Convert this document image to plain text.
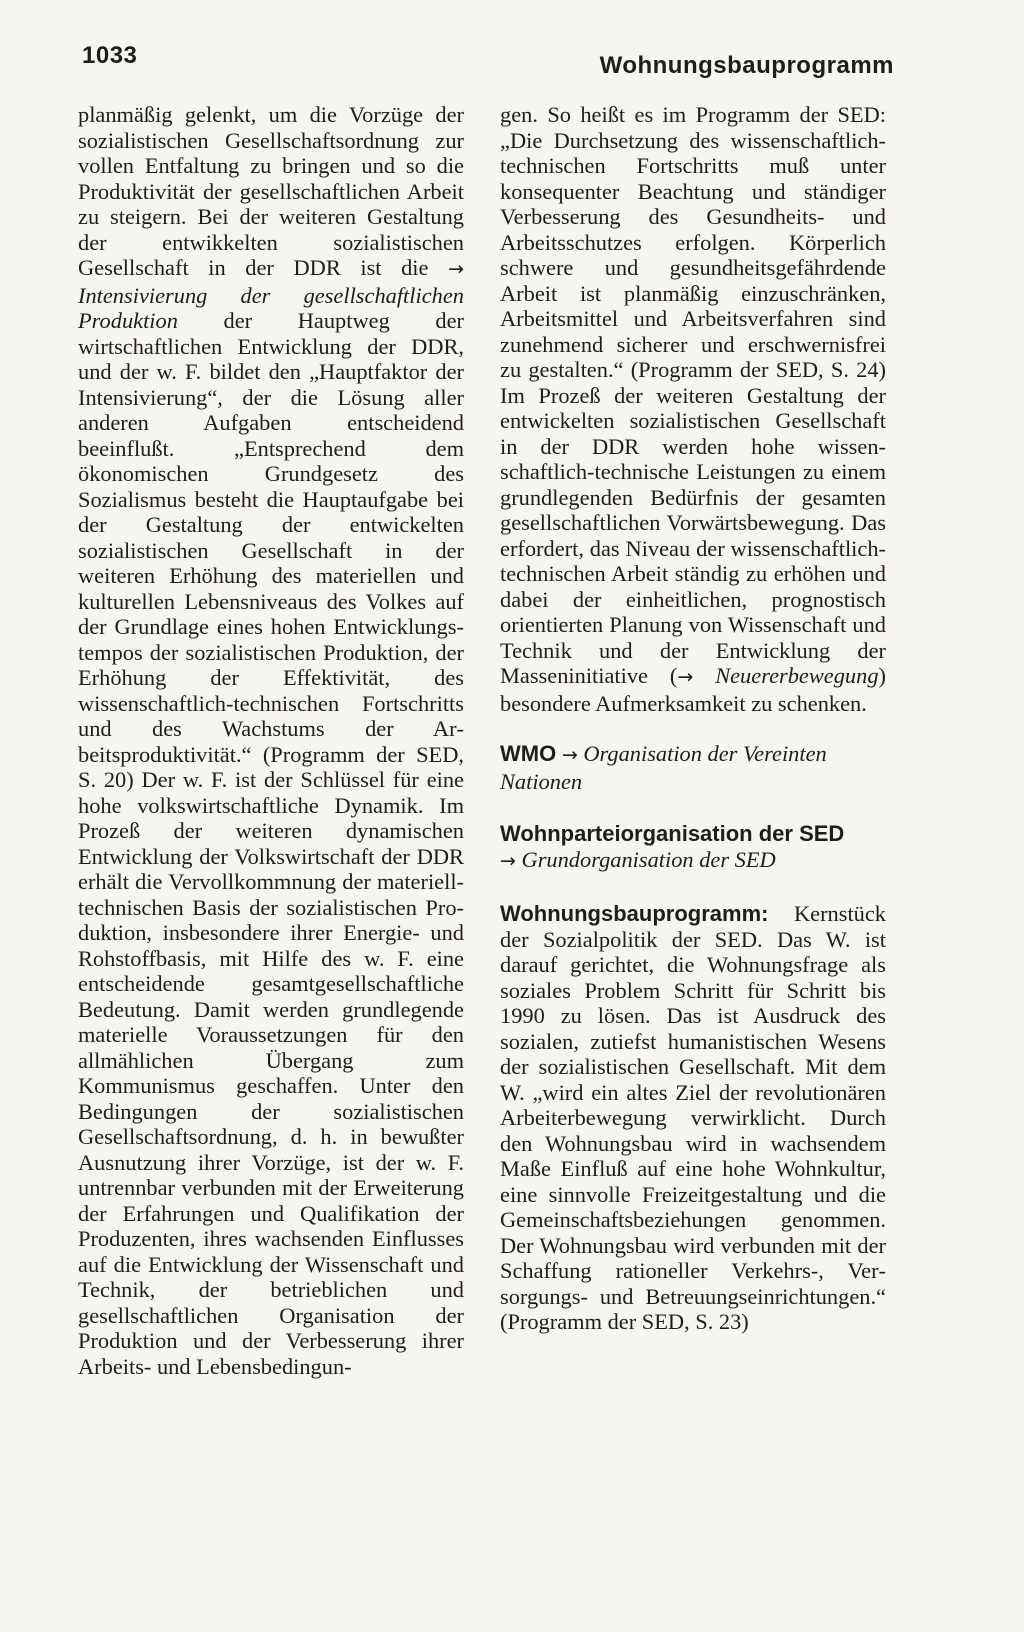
1033	Wohnungsbauprogramm
planmäßig gelenkt, um die Vorzüge der sozialistischen Gesellschaftsordnung zur vollen Entfaltung zu bringen und so die Produktivität der gesellschaftlichen Arbeit zu steigern. Bei der weiteren Gestaltung der entwikkelten sozialistischen Gesellschaft in der DDR ist die → Intensivierung der gesellschaftlichen Produktion der Hauptweg der wirtschaftlichen Entwicklung der DDR, und der w. F. bildet den „Hauptfaktor der Intensivierung“, der die Lösung aller anderen Aufgaben entscheidend beeinflußt. „Entsprechend dem ökonomischen Grundgesetz des Sozialismus besteht die Hauptaufgabe bei der Gestaltung der entwickelten sozialistischen Gesellschaft in der weiteren Erhöhung des materiellen und kulturellen Lebensniveaus des Volkes auf der Grundlage eines hohen Entwicklungstempos der sozialistischen Produktion, der Erhöhung der Effektivität, des wissenschaftlich-technischen Fortschritts und des Wachstums der Arbeitsproduktivität.“ (Programm der SED, S. 20) Der w. F. ist der Schlüssel für eine hohe volkswirtschaftliche Dynamik. Im Prozeß der weiteren dynamischen Entwicklung der Volkswirtschaft der DDR erhält die Vervollkommnung der materiell-technischen Basis der sozialistischen Produktion, insbesondere ihrer Energie- und Rohstoffbasis, mit Hilfe des w. F. eine entscheidende gesamtgesellschaftliche Bedeutung. Damit werden grundlegende materielle Voraussetzungen für den allmählichen Übergang zum Kommunismus geschaffen. Unter den Bedingungen der sozialistischen Gesellschaftsordnung, d. h. in bewußter Ausnutzung ihrer Vorzüge, ist der w. F. untrennbar verbunden mit der Erweiterung der Erfahrungen und Qualifikation der Produzenten, ihres wachsenden Einflusses auf die Entwicklung der Wissenschaft und Technik, der betrieblichen und gesellschaftlichen Organisation der Produktion und der Verbesserung ihrer Arbeits- und Lebensbedingun-
gen. So heißt es im Programm der SED: „Die Durchsetzung des wissenschaftlich-technischen Fortschritts muß unter konsequenter Beachtung und ständiger Verbesserung des Gesundheits- und Arbeitsschutzes erfolgen. Körperlich schwere und gesundheitsgefährdende Arbeit ist planmäßig einzuschränken, Arbeitsmittel und Arbeitsverfahren sind zunehmend sicherer und erschwernisfrei zu gestalten.“ (Programm der SED, S. 24) Im Prozeß der weiteren Gestaltung der entwickelten sozialistischen Gesellschaft in der DDR werden hohe wissenschaftlich-technische Leistungen zu einem grundlegenden Bedürfnis der gesamten gesellschaftlichen Vorwärtsbewegung. Das erfordert, das Niveau der wissenschaftlich-technischen Arbeit ständig zu erhöhen und dabei der einheitlichen, prognostisch orientierten Planung von Wissenschaft und Technik und der Entwicklung der Masseninitiative (→ Neuererbewegung) besondere Aufmerksamkeit zu schenken.
WMO → Organisation der Vereinten Nationen
Wohnparteiorganisation der SED
→ Grundorganisation der SED
Wohnungsbauprogramm: Kernstück der Sozialpolitik der SED. Das W. ist darauf gerichtet, die Wohnungsfrage als soziales Problem Schritt für Schritt bis 1990 zu lösen. Das ist Ausdruck des sozialen, zutiefst humanistischen Wesens der sozialistischen Gesellschaft. Mit dem W. „wird ein altes Ziel der revolutionären Arbeiterbewegung verwirklicht. Durch den Wohnungsbau wird in wachsendem Maße Einfluß auf eine hohe Wohnkultur, eine sinnvolle Freizeitgestaltung und die Gemeinschaftsbeziehungen genommen. Der Wohnungsbau wird verbunden mit der Schaffung rationeller Verkehrs-, Versorgungs- und Betreuungseinrichtungen.“ (Programm der SED, S. 23)
